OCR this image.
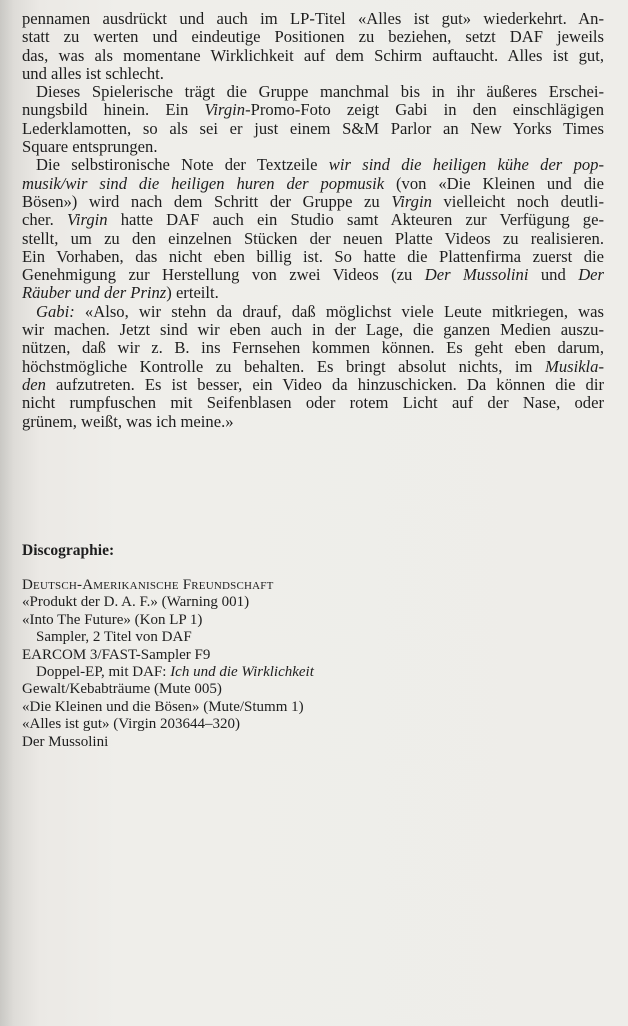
pennamen ausdrückt und auch im LP-Titel «Alles ist gut» wiederkehrt. An-
statt zu werten und eindeutige Positionen zu beziehen, setzt DAF jeweils
das, was als momentane Wirklichkeit auf dem Schirm auftaucht. Alles ist gut,
und alles ist schlecht.
Dieses Spielerische trägt die Gruppe manchmal bis in ihr äußeres Erschei-
nungsbild hinein. Ein Virgin-Promo-Foto zeigt Gabi in den einschlägigen
Lederklamotten, so als sei er just einem S&M Parlor an New Yorks Times
Square entsprungen.
Die selbstironische Note der Textzeile wir sind die heiligen kühe der pop-
musik/wir sind die heiligen huren der popmusik (von «Die Kleinen und die
Bösen») wird nach dem Schritt der Gruppe zu Virgin vielleicht noch deutli-
cher. Virgin hatte DAF auch ein Studio samt Akteuren zur Verfügung ge-
stellt, um zu den einzelnen Stücken der neuen Platte Videos zu realisieren.
Ein Vorhaben, das nicht eben billig ist. So hatte die Plattenfirma zuerst die
Genehmigung zur Herstellung von zwei Videos (zu Der Mussolini und Der
Räuber und der Prinz) erteilt.
Gabi: «Also, wir stehn da drauf, daß möglichst viele Leute mitkriegen, was
wir machen. Jetzt sind wir eben auch in der Lage, die ganzen Medien auszu-
nützen, daß wir z. B. ins Fernsehen kommen können. Es geht eben darum,
höchstmögliche Kontrolle zu behalten. Es bringt absolut nichts, im Musikla-
den aufzutreten. Es ist besser, ein Video da hinzuschicken. Da können die dir
nicht rumpfuschen mit Seifenblasen oder rotem Licht auf der Nase, oder
grünem, weißt, was ich meine.»
Discographie:
Deutsch-Amerikanische Freundschaft
«Produkt der D. A. F.» (Warning 001)
«Into The Future» (Kon LP 1)
Sampler, 2 Titel von DAF
EARCOM 3/FAST-Sampler F9
Doppel-EP, mit DAF: Ich und die Wirklichkeit
Gewalt/Kebabträume (Mute 005)
«Die Kleinen und die Bösen» (Mute/Stumm 1)
«Alles ist gut» (Virgin 203644–320)
Der Mussolini
